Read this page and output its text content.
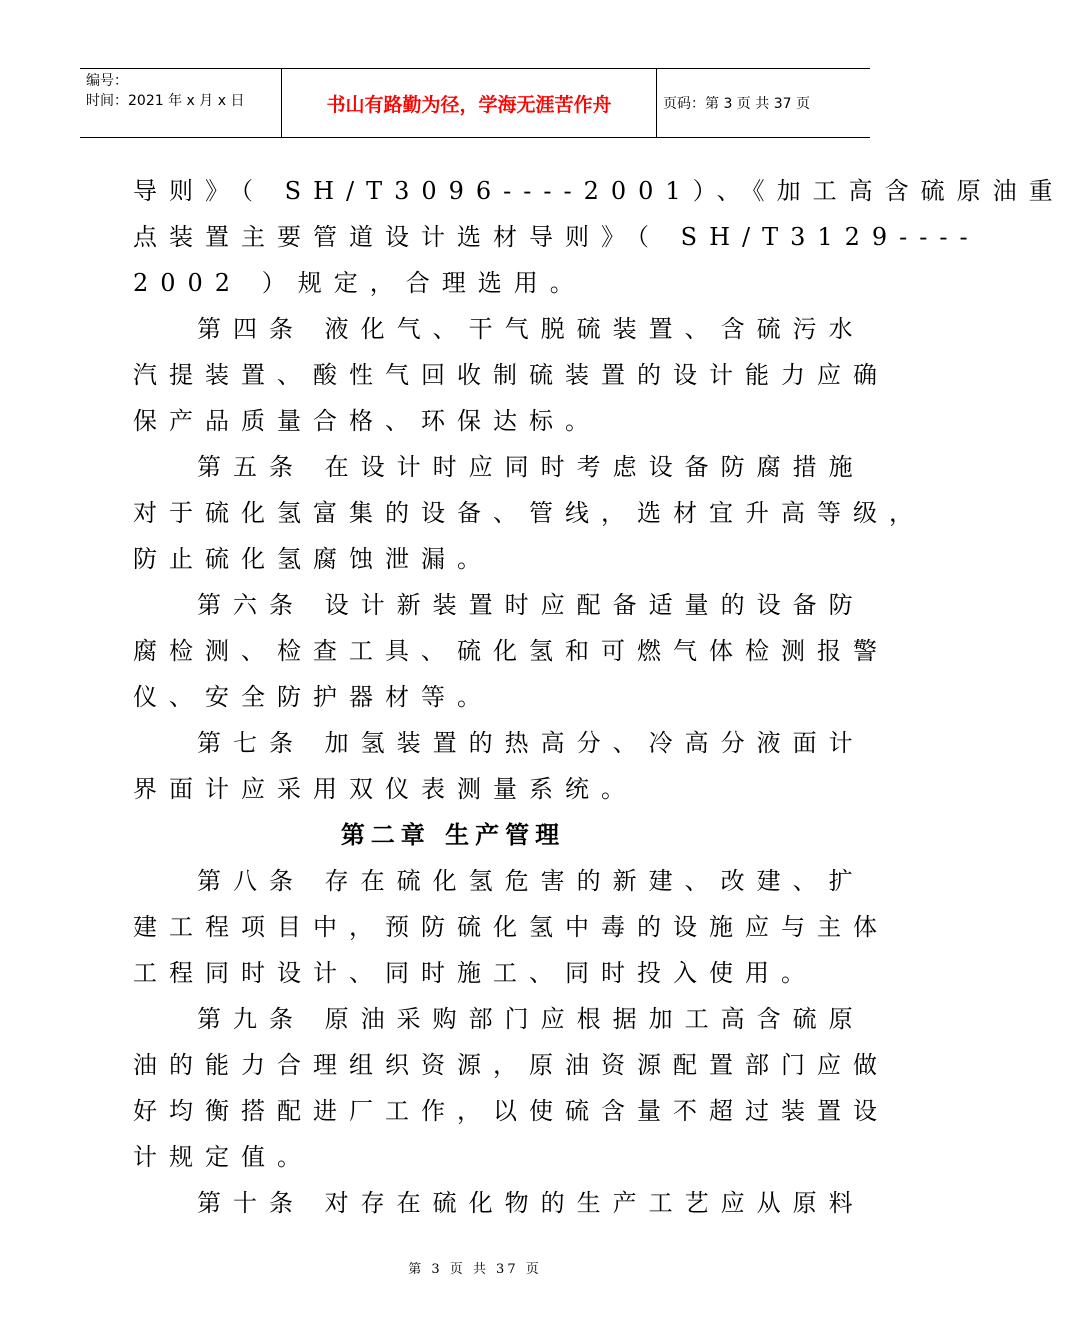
编号：
时间：2021 年 x 月 x 日	书山有路勤为径，学海无涯苦作舟	页码：第 3 页 共 37 页
导则》（ SH/T3096----2001）、《加工高含硫原油重
点装置主要管道设计选材导则》（ SH/T3129----
2002 ）规定，合理选用。
第四条 液化气、干气脱硫装置、含硫污水
汽提装置、酸性气回收制硫装置的设计能力应确
保产品质量合格、环保达标。
第五条 在设计时应同时考虑设备防腐措施
对于硫化氢富集的设备、管线，选材宜升高等级，
防止硫化氢腐蚀泄漏。
第六条 设计新装置时应配备适量的设备防
腐检测、检查工具、硫化氢和可燃气体检测报警
仪、安全防护器材等。
第七条 加氢装置的热高分、冷高分液面计
界面计应采用双仪表测量系统。
第二章 生产管理
第八条 存在硫化氢危害的新建、改建、扩
建工程项目中，预防硫化氢中毒的设施应与主体
工程同时设计、同时施工、同时投入使用。
第九条 原油采购部门应根据加工高含硫原
油的能力合理组织资源，原油资源配置部门应做
好均衡搭配进厂工作，以使硫含量不超过装置设
计规定值。
第十条 对存在硫化物的生产工艺应从原料
第 3 页 共 37 页
